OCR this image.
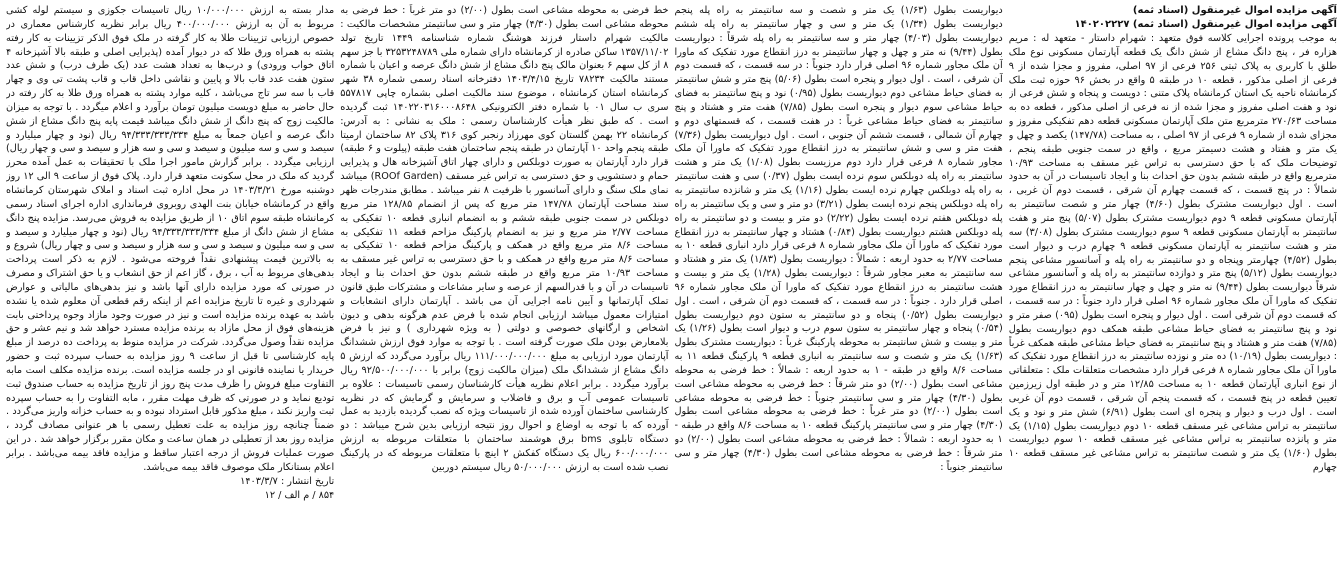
آگهی مزایده اموال غیرمنقول (اسناد ثمه)

آگهی مزایده اموال غیرمنقول (اسناد ثمه) ۱۴۰۲۰۲۲۲۷

به موجب پرونده اجرایی کلاسه فوق متعهد : شهرام داستار - متعهد له : مریم هزاره فر ، پنج دانگ مشاع از شش دانگ یک قطعه آپارتمان مسکونی نوع ملک طلق با کاربری به پلاک ثبتی ۲۵۶ فرعی از ۹۷ اصلی، مفروز و مجزا شده از ۹ فرعی از اصلی مذکور ، قطعه ۱۰ در طبقه ۵ واقع در بخش ۹۶ حوزه ثبت ملک کرمانشاه ناحیه یک استان کرمانشاه پلاک متنی : دویست و پنجاه و شش فرعی از نود و هفت اصلی مفروز و مجزا شده از نه فرعی از اصلی مذکور ، قطعه ده به مساحت ۲۷۰/۶۳ مترمربع متن ملک آپارتمان مسکونی قطعه دهم تفکیکی مفروز و مجزای شده از شماره ۹ فرعی از ۹۷ اصلی ، به مساحت (۱۴۷/۷۸) یکصد و چهل و یک متر و هفتاد و هشت دسیمتر مربع ، واقع در سمت جنوبی طبقه پنجم ، توضیحات ملک که با حق دسترسی به تراس غیر مسقف به مساحت ۱۰/۹۳ مترمربع واقع در طبقه ششم بدون حق احداث بنا و ایجاد تاسیسات در آن به حدود شمالاً : در پنج قسمت ، که قسمت چهارم آن شرقی ، قسمت دوم آن غربی ، است . اول دیواریست مشترک بطول (۴/۶۰) چهار متر و شصت سانتیمتر به آپارتمان مسکونی قطعه ۹ دوم دیواریست مشترک بطول (۵/۰۷) پنج متر و هفت سانتیمتر به آپارتمان مسکونی قطعه ۹ سوم دیواریست مشترک بطول (۳/۰۸) سه متر و هشت سانتیمتر به آپارتمان مسکونی قطعه ۹ چهارم درب و دیوار است بطول (۴/۵۲) چهارمتر وپنجاه و دو سانتیمتر به راه پله و آسانسور مشاعی پنجم دیواریست بطول (۵/۱۲) پنج متر و دوازده سانتیمتر به راه پله و آسانسور مشاعی شرقاً دیواریست بطول (۹/۴۴) نه متر و چهل و چهار سانتیمتر به درز انقطاع مورد تفکیک که ماورا آن ملک مجاور شماره ۹۶ اصلی قرار دارد جنوباً : در سه قسمت ، که قسمت دوم آن شرقی است . اول دیوار و پنجره است بطول (۰۹۵) صفر متر و نود و پنج سانتیمتر به فضای حیاط مشاعی طبقه همکف دوم دیواریست بطول (۷/۸۵) هفت متر و هشتاد و پنج سانتیمتر به فضای حیاط مشاعی طبقه همکف غرباً : دیواریست بطول (۱۰/۱۹) ده متر و نوزده سانتیمتر به درز انقطاع مورد تفکیک که ماورا آن ملک مجاور شماره ۸ فرعی قرار دارد مشخصات متعلقات ملک : متعلقاتی از نوع انباری آپارتمان قطعه ۱۰ به مساحت ۱۲/۸۵ متر و در طبقه اول زیرزمین تعیین قطعه در پنج قسمت ، که قسمت پنجم آن شرقی ، قسمت دوم آن غربی است . اول درب و دیوار و پنجره ای است بطول (۶/۹۱) شش متر و نود و یک سانتیمتر به تراس مشاعی غیر مسقف قطعه ۱۰ دوم دیواریست بطول (۱/۱۵) یک متر و پانزده سانتیمتر به تراس مشاعی غیر مسقف قطعه ۱۰ سوم دیواریست بطول (۱/۶۰) یک متر و شصت سانتیمتر به تراس مشاعی غیر مسقف قطعه ۱۰ چهارم

دیواریست بطول (۱/۶۳) یک متر و شصت و سه سانتیمتر به راه پله پنجم دیواریست بطول (۱/۳۴) یک متر و سی و چهار سانتیمتر به راه پله ششم دیواریست بطول (۴/۰۳) چهار متر و سه سانتیمتر به راه پله شرقاً : دیواریست بطول (۹/۴۴) نه متر و چهل و چهار سانتیمتر به درز انقطاع مورد تفکیک که ماورا آن ملک مجاور شماره ۹۶ اصلی قرار دارد جنوباً : در سه قسمت ، که قسمت دوم آن شرقی ، است . اول دیوار و پنجره است بطول (۵/۰۶) پنج متر و شش سانتیمتر به فضای حیاط مشاعی دوم دیواریست بطول (۰/۹۵) نود و پنج سانتیمتر به فضای حیاط مشاعی سوم دیوار و پنجره است بطول (۷/۸۵) هفت متر و هشتاد و پنج سانتیمتر به فضای حیاط مشاعی غرباً : در هفت قسمت ، که قسمتهای دوم و چهارم آن شمالی ، قسمت ششم آن جنوبی ، است . اول دیواریست بطول (۷/۳۶) هفت متر و سی و شش سانتیمتر به درز انقطاع مورد تفکیک که ماورا آن ملک مجاور شماره ۸ فرعی قرار دارد دوم مرزیست بطول (۱/۰۸) یک متر و هشت سانتیمتر به راه پله دوبلکس سوم نرده ایست بطول (۰/۳۷) سی و هفت سانتیمتر به راه پله دوبلکس چهارم نرده ایست بطول (۱/۱۶) یک متر و شانزده سانتیمتر به راه پله دوبلکس پنجم نرده ایست بطول (۳/۲۱) دو متر و سی و یک سانتیمتر به راه پله دوبلکس هفتم نرده ایست بطول (۲/۲۲) دو متر و بیست و دو سانتیمتر به راه پله دوبلکس هشتم دیواریست بطول (۰/۸۴) هشتاد و چهار سانتیمتر به درز انقطاع مورد تفکیک که ماورا آن ملک مجاور شماره ۸ فرعی قرار دارد انباری قطعه ۱۰ به مساحت ۲/۷۷ به حدود اربعه : شمالاً : دیواریست بطول (۱/۸۳) یک متر و هشتاد و سه سانتیمتر به معبر مجاور شرقاً : دیواریست بطول (۱/۲۸) یک متر و بیست و هشت سانتیمتر به درز انقطاع مورد تفکیک که ماورا آن ملک مجاور شماره ۹۶ اصلی قرار دارد . جنوباً : در سه قسمت ، که قسمت دوم آن شرقی ، است . اول دیواریست بطول (۰/۵۲) پنجاه و دو سانتیمتر به ستون دوم دیواریست بطول (۰/۵۴) پنجاه و چهار سانتیمتر به ستون سوم درب و دیوار است بطول (۱/۲۶) یک متر و بیست و شش سانتیمتر به محوطه پارکینگ غرباً : دیواریست مشترک بطول (۱/۶۳) یک متر و شصت و سه سانتیمتر به انباری قطعه ۹ پارکینگ قطعه ۱۱ به مساحت ۸/۶ واقع در طبقه - ۱ به حدود اربعه : شمالاً : خط فرضی به محوطه مشاعی است بطول (۲/۰۰) دو متر شرقاً : خط فرضی به محوطه مشاعی است بطول (۴/۳۰) چهار متر و سی سانتیمتر جنوباً : خط فرضی به محوطه مشاعی است بطول (۲/۰۰) دو متر غرباً : خط فرضی به محوطه مشاعی است بطول (۴/۳۰) چهار متر و سی سانتیمتر پارکینگ قطعه ۱۰ به مساحت ۸/۶ واقع در طبقه - ۱ به حدود اربعه : شمالاً : خط فرضی به محوطه مشاعی است بطول (۲/۰۰) دو متر شرقاً : خط فرضی به محوطه مشاعی است بطول (۴/۳۰) چهار متر و سی سانتیمتر جنوباً :

خط فرضی به محوطه مشاعی است بطول (۲/۰۰) دو متر غرباً : خط فرضی به محوطه مشاعی است بطول (۴/۳۰) چهار متر و سی سانتیمتر مشخصات مالکیت : مالکیت شهرام داستار فرزند هوشنگ شماره شناسنامه ۱۴۴۹ تاریخ تولد ۱۳۵۷/۱۱/۰۲ ساکن صادره از کرمانشاه دارای شماره ملی ۳۲۵۳۲۴۸۷۸۹ با جز سهم ۸ از کل سهم ۶ بعنوان مالک پنج دانگ مشاع از شش دانگ عرصه و اعیان با شماره مستند مالکیت ۷۸۲۳۴ تاریخ ۱۴۰۳/۴/۱۵ دفترخانه اسناد رسمی شماره ۳۸ شهر کرمانشاه استان کرمانشاه ، موضوع سند مالکیت اصلی بشماره چاپی ۵۵۷۸۱۷ سری ب سال ۰۱ با شماره دفتر الکترونیکی ۱۴۰۲۲۰۳۱۶۰۰۰۸۶۴۸ ثبت گردیده است . که طبق نظر هیأت کارشناسان رسمی : ملک به نشانی : به آدرس: کرمانشاه ۲۲ بهمن گلستان کوی مهرزاد رنجبر کوی ۳۱۶ پلاک ۸۲ ساختمان ارمیتا طبقه پنجم واحد ۱۰ آپارتمان در طبقه پنجم ساختمان هفت طبقه (پیلوت و ۶ طبقه) قرار دارد آپارتمان به صورت دوبلکس و دارای چهار اتاق آشپزخانه هال و پذیرایی حمام و دستشویی و حق دسترسی به تراس غیر مسقف (ROOf Garden) میباشد نمای ملک سنگ و دارای آسانسور با ظرفیت ۸ نفر میباشد . مطابق مندرجات ظهر سند مساحت آپارتمان ۱۴۷/۷۸ متر مربع که پس از انضمام ۱۲۸/۸۵ متر مربع دوبلکس در سمت جنوبی طبقه ششم و به انضمام انباری قطعه ۱۰ تفکیکی به مساحت ۲/۷۷ متر مربع و نیز به انضمام پارکینگ مزاحم قطعه ۱۱ تفکیکی به مساحت ۸/۶ متر مربع واقع در همکف و پارکینگ مزاحم قطعه ۱۰ تفکیکی به مساحت ۸/۶ متر مربع واقع در همکف و با حق دسترسی به تراس غیر مسقف به مساحت ۱۰/۹۳ متر مربع واقع در طبقه ششم بدون حق احداث بنا و ایجاد تاسیسات در آن و با قدرالسهم از عرصه و سایر مشاعات و مشترکات طبق قانون تملک آپارتمانها و آیین نامه اجرایی آن می باشد . آپارتمان دارای انشعابات و امتیازات معمول میباشد ارزیابی انجام شده با فرض عدم هرگونه بدهی و دیون اشخاص و ارگانهای خصوصی و دولتی ( به ویژه شهرداری ) و نیز با فرض بلامعارض بودن ملک صورت گرفته است . با توجه به موارد فوق ارزش ششدانگ آپارتمان مورد ارزیابی به مبلغ ۱۱۱/۰۰۰/۰۰۰/۰۰۰ ریال برآورد می‌گردد که ارزش ۵ دانگ مشاع از ششدانگ ملک (میزان مالکیت زوج) برابر با ۹۲/۵۰۰/۰۰۰/۰۰۰ ریال برآورد میگردد . برابر اعلام نظریه هیأت کارشناسان رسمی تاسیسات : علاوه بر تاسیسات عمومی آب و برق و فاضلاب و سرمایش و گرمایش که در نظریه کارشناسی ساختمان آورده شده از تاسیسات ویژه که نصب گردیده بازدید به عمل آورده که با توجه به اوضاع و احوال روز نتیجه ارزیابی بدین شرح میباشد : دو دستگاه تابلوی bms برق هوشمند ساختمان با متعلقات مربوطه به ارزش ۶۰۰/۰۰۰/۰۰۰ ریال یک دستگاه کفکش ۲ اینچ با متعلقات مربوطه که در پارکینگ نصب شده است به ارزش ۵۰/۰۰۰/۰۰۰ ریال سیستم دوربین

مدار بسته به ارزش ۱۰/۰۰۰/۰۰۰ ریال تاسیسات جکوزی و سیستم لوله کشی مربوط به آن به ارزش ۴۰۰/۰۰۰/۰۰۰ ریال برابر نظریه کارشناس معماری در خصوص ارزیابی تزیینات طلا به کار گرفته در ملک فوق الذکر تزیینات به کار رفته پشته به همراه ورق طلا که در دیوار آمده (پذیرایی اصلی و طبقه بالا آشپزخانه ۴ اتاق خواب ورودی) و درب‌ها به تعداد هشت عدد (یک طرف درب) و شش عدد ستون هفت عدد قاب بالا و پایین و نقاشی داخل قاب و قاب پشت تی وی و چهار قاب با سه سر تاج می‌باشد ، کلیه موارد پشته به همراه ورق طلا به کار رفته در حال حاضر به مبلغ دویست میلیون تومان برآورد و اعلام میگردد . با توجه به میزان مالکیت زوج که پنج دانگ از شش دانگ میباشد قیمت پایه پنج دانگ مشاع از شش دانگ عرصه و اعیان جمعاً به مبلغ ۹۴/۳۳۳/۳۳۳/۳۳۴ ریال (نود و چهار میلیارد و سیصد و سی و سه میلیون و سیصد و سی و سه هزار و سیصد و سی و چهار ریال) ارزیابی میگردد . برابر گزارش مامور اجرا ملک با تحقیقات به عمل آمده محرز گردید که ملک در محل سکونت متعهد قرار دارد. پلاک فوق از ساعت ۹ الی ۱۲ روز دوشنبه مورخ ۱۴۰۳/۳/۲۱ در محل اداره ثبت اسناد و املاک شهرستان کرمانشاه واقع در کرمانشاه خیابان بنت الهدی روبروی فرمانداری اداره اجرای اسناد رسمی کرمانشاه طبقه سوم اتاق ۱۰ از طریق مزایده به فروش می‌رسد. مزایده پنج دانگ مشاع از شش دانگ از مبلغ ۹۴/۳۳۳/۳۳۳/۳۳۴ ریال (نود و چهار میلیارد و سیصد و سی و سه میلیون و سیصد و سی و سه هزار و سیصد و سی و چهار ریال) شروع و به بالاترین قیمت پیشنهادی نقداً فروخته می‌شود . لازم به ذکر است پرداخت بدهی‌های مربوط به آب ، برق ، گاز اعم از حق انشعاب و یا حق اشتراک و مصرف در صورتی که مورد مزایده دارای آنها باشد و نیز بدهی‌های مالیاتی و عوارض شهرداری و غیره تا تاریخ مزایده اعم از اینکه رقم قطعی آن معلوم شده یا نشده باشد به عهده برنده مزایده است و نیز در صورت وجود مازاد وجوه پرداختی بابت هزینه‌های فوق از محل مازاد به برنده مزایده مسترد خواهد شد و نیم عشر و حق مزایده نقداً وصول می‌گردد. شرکت در مزایده منوط به پرداخت ده درصد از مبلغ پایه کارشناسی تا قبل از ساعت ۹ روز مزایده به حساب سپرده ثبت و حضور خریدار یا نماینده قانونی او در جلسه مزایده است. برنده مزایده مکلف است مابه التفاوت مبلغ فروش را ظرف مدت پنج روز از تاریخ مزایده به حساب صندوق ثبت تودیع نماید و در صورتی که ظرف مهلت مقرر ، مابه التفاوت را به حساب سپرده ثبت واریز نکند ، مبلغ مذکور قابل استرداد نبوده و به حساب خزانه واریز می‌گردد . ضمناً چنانچه روز مزایده به علت تعطیل رسمی با هر عنوانی مصادف گردد ، مزایده روز بعد از تعطیلی در همان ساعت و مکان مقرر برگزار خواهد شد . در این صورت عملیات فروش از درجه اعتبار ساقط و مزایده فاقد بیمه می‌باشد . برابر اعلام بستانکار ملک موصوف فاقد بیمه می‌باشد.

تاریخ انتشار : ۱۴۰۳/۳/۷

۸۵۴ / م الف / ۱۲
